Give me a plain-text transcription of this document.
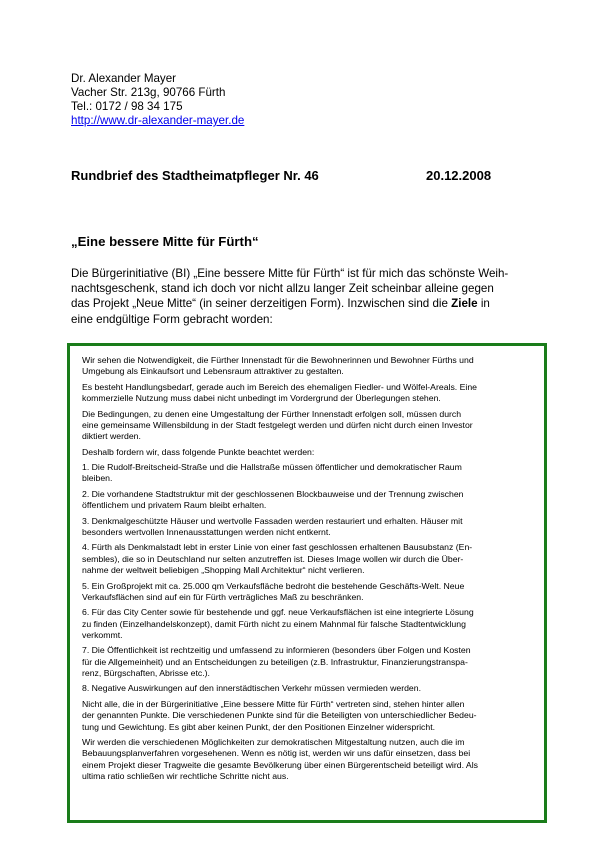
Dr. Alexander Mayer
Vacher Str. 213g, 90766 Fürth
Tel.: 0172 / 98 34 175
http://www.dr-alexander-mayer.de
Rundbrief des Stadtheimatpfleger Nr. 46	20.12.2008
„Eine bessere Mitte für Fürth“

Die Bürgerinitiative (BI) „Eine bessere Mitte für Fürth“ ist für mich das schönste Weih-

nachtsgeschenk, stand ich doch vor nicht allzu langer Zeit scheinbar alleine gegen

das Projekt „Neue Mitte“ (in seiner derzeitigen Form). Inzwischen sind die Ziele in

eine endgültige Form gebracht worden:

Wir sehen die Notwendigkeit, die Fürther Innenstadt für die Bewohnerinnen und Bewohner Fürths und
Umgebung als Einkaufsort und Lebensraum attraktiver zu gestalten.

Es besteht Handlungsbedarf, gerade auch im Bereich des ehemaligen Fiedler- und Wölfel-Areals. Eine
kommerzielle Nutzung muss dabei nicht unbedingt im Vordergrund der Überlegungen stehen.

Die Bedingungen, zu denen eine Umgestaltung der Fürther Innenstadt erfolgen soll, müssen durch
eine gemeinsame Willensbildung in der Stadt festgelegt werden und dürfen nicht durch einen Investor
diktiert werden.

Deshalb fordern wir, dass folgende Punkte beachtet werden:

1. Die Rudolf-Breitscheid-Straße und die Hallstraße müssen öffentlicher und demokratischer Raum
bleiben.

2. Die vorhandene Stadtstruktur mit der geschlossenen Blockbauweise und der Trennung zwischen
öffentlichem und privatem Raum bleibt erhalten.

3. Denkmalgeschützte Häuser und wertvolle Fassaden werden restauriert und erhalten. Häuser mit
besonders wertvollen Innenausstattungen werden nicht entkernt.

4. Fürth als Denkmalstadt lebt in erster Linie von einer fast geschlossen erhaltenen Bausubstanz (En-
sembles), die so in Deutschland nur selten anzutreffen ist. Dieses Image wollen wir durch die Über-
nahme der weltweit beliebigen „Shopping Mall Architektur“ nicht verlieren.

5. Ein Großprojekt mit ca. 25.000 qm Verkaufsfläche bedroht die bestehende Geschäfts-Welt. Neue
Verkaufsflächen sind auf ein für Fürth verträgliches Maß zu beschränken.

6. Für das City Center sowie für bestehende und ggf. neue Verkaufsflächen ist eine integrierte Lösung
zu finden (Einzelhandelskonzept), damit Fürth nicht zu einem Mahnmal für falsche Stadtentwicklung
verkommt.

7. Die Öffentlichkeit ist rechtzeitig und umfassend zu informieren (besonders über Folgen und Kosten
für die Allgemeinheit) und an Entscheidungen zu beteiligen (z.B. Infrastruktur, Finanzierungstranspa-
renz, Bürgschaften, Abrisse etc.).

8. Negative Auswirkungen auf den innerstädtischen Verkehr müssen vermieden werden.

Nicht alle, die in der Bürgerinitiative „Eine bessere Mitte für Fürth“ vertreten sind, stehen hinter allen
der genannten Punkte. Die verschiedenen Punkte sind für die Beteiligten von unterschiedlicher Bedeu-
tung und Gewichtung. Es gibt aber keinen Punkt, der den Positionen Einzelner widerspricht.

Wir werden die verschiedenen Möglichkeiten zur demokratischen Mitgestaltung nutzen, auch die im
Bebauungsplanverfahren vorgesehenen. Wenn es nötig ist, werden wir uns dafür einsetzen, dass bei
einem Projekt dieser Tragweite die gesamte Bevölkerung über einen Bürgerentscheid beteiligt wird. Als
ultima ratio schließen wir rechtliche Schritte nicht aus.
